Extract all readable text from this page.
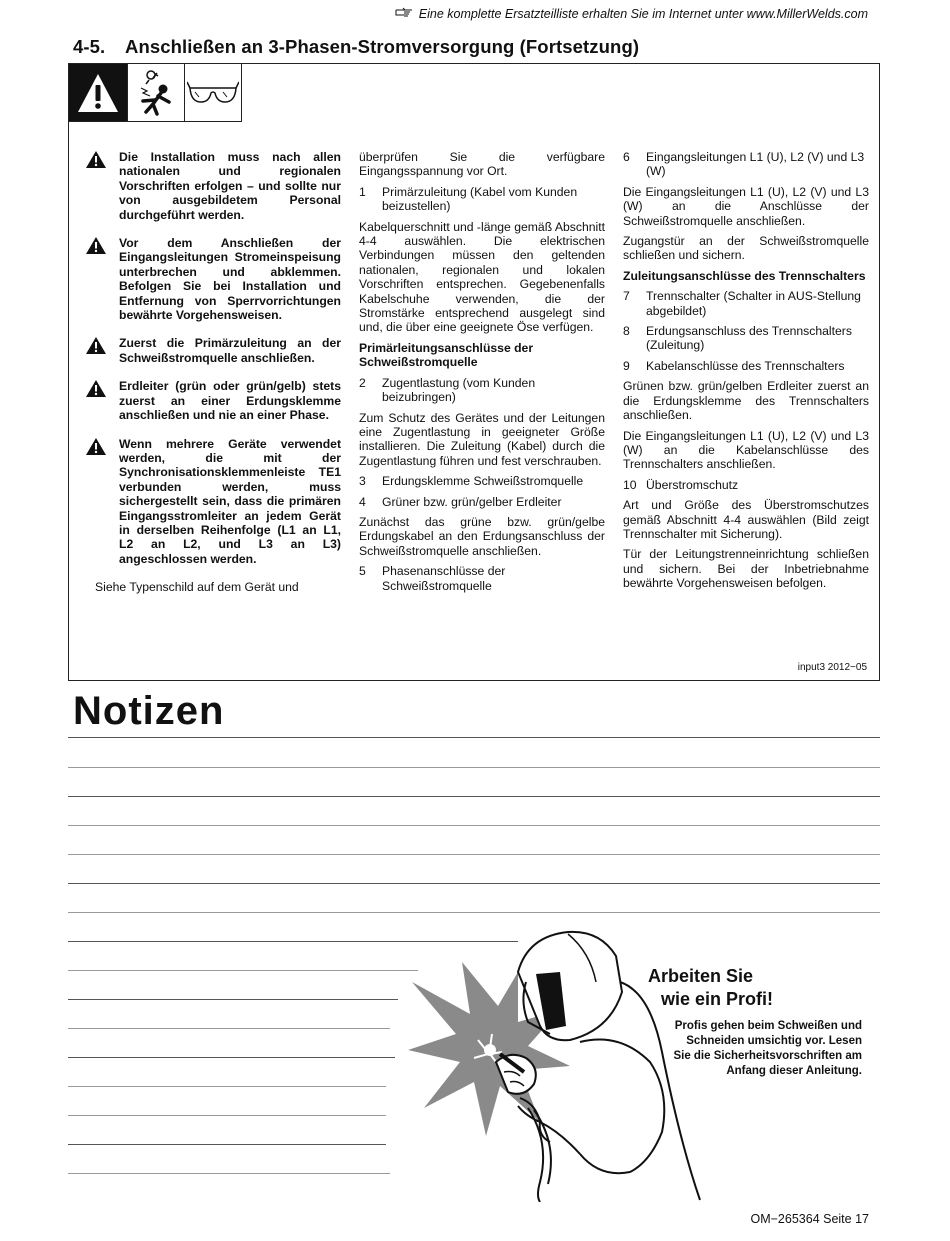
Eine komplette Ersatzteilliste erhalten Sie im Internet unter www.MillerWelds.com
4-5. Anschließen an 3-Phasen-Stromversorgung (Fortsetzung)
Die Installation muss nach allen nationalen und regionalen Vorschriften erfolgen – und sollte nur von ausgebildetem Personal durchgeführt werden.
Vor dem Anschließen der Eingangsleitungen Stromeinspeisung unterbrechen und abklemmen. Befolgen Sie bei Installation und Entfernung von Sperrvorrichtungen bewährte Vorgehensweisen.
Zuerst die Primärzuleitung an der Schweißstromquelle anschließen.
Erdleiter (grün oder grün/gelb) stets zuerst an einer Erdungsklemme anschließen und nie an einer Phase.
Wenn mehrere Geräte verwendet werden, die mit der Synchronisationsklemmenleiste TE1 verbunden werden, muss sichergestellt sein, dass die primären Eingangsstromleiter an jedem Gerät in derselben Reihenfolge (L1 an L1, L2 an L2, und L3 an L3) angeschlossen werden.

Siehe Typenschild auf dem Gerät und

überprüfen Sie die verfügbare Eingangsspannung vor Ort.

1	Primärzuleitung (Kabel vom Kunden beizustellen)

Kabelquerschnitt und -länge gemäß Abschnitt 4-4 auswählen. Die elektrischen Verbindungen müssen den geltenden nationalen, regionalen und lokalen Vorschriften entsprechen. Gegebenenfalls Kabelschuhe verwenden, die der Stromstärke entsprechend ausgelegt sind und, die über eine geeignete Öse verfügen.

Primärleitungsanschlüsse der Schweißstromquelle
2	Zugentlastung (vom Kunden beizubringen)

Zum Schutz des Gerätes und der Leitungen eine Zugentlastung in geeigneter Größe installieren. Die Zuleitung (Kabel) durch die Zugentlastung führen und fest verschrauben.

3	Erdungsklemme Schweißstromquelle
4	Grüner bzw. grün/gelber Erdleiter

Zunächst das grüne bzw. grün/gelbe Erdungskabel an den Erdungsanschluss der Schweißstromquelle anschließen.

5	Phasenanschlüsse der Schweißstromquelle
6	Eingangsleitungen L1 (U), L2 (V) und L3 (W)

Die Eingangsleitungen L1 (U), L2 (V) und L3 (W) an die Anschlüsse der Schweißstromquelle anschließen.

Zugangstür an der Schweißstromquelle schließen und sichern.

Zuleitungsanschlüsse des Trennschalters
7	Trennschalter (Schalter in AUS-Stellung abgebildet)
8	Erdungsanschluss des Trennschalters (Zuleitung)
9	Kabelanschlüsse des Trennschalters

Grünen bzw. grün/gelben Erdleiter zuerst an die Erdungsklemme des Trennschalters anschließen.

Die Eingangsleitungen L1 (U), L2 (V) und L3 (W) an die Kabelanschlüsse des Trennschalters anschließen.

10 Überstromschutz

Art und Größe des Überstromschutzes gemäß Abschnitt 4-4 auswählen (Bild zeigt Trennschalter mit Sicherung).

Tür der Leitungstrenneinrichtung schließen und sichern. Bei der Inbetriebnahme bewährte Vorgehensweisen befolgen.

input3 2012−05
Notizen
Arbeiten Sie
wie ein Profi!
Profis gehen beim Schweißen und Schneiden umsichtig vor. Lesen Sie die Sicherheitsvorschriften am Anfang dieser Anleitung.
OM−265364 Seite 17
